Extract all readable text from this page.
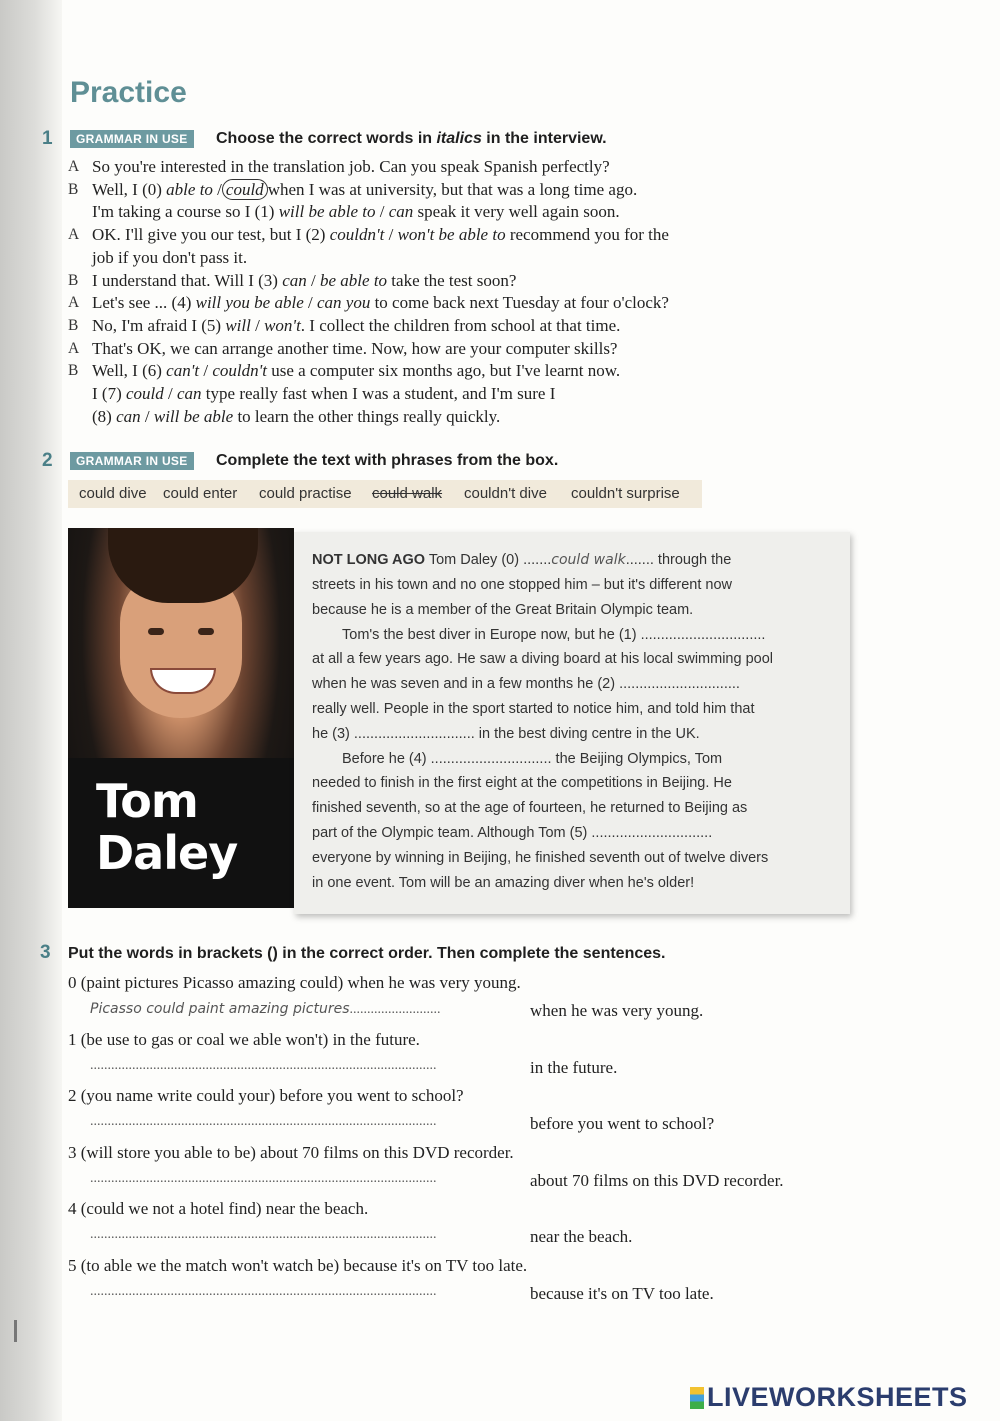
Practice
1	GRAMMAR IN USE	Choose the correct words in italics in the interview.
A So you're interested in the translation job. Can you speak Spanish perfectly?
B Well, I (0) able to / could when I was at university, but that was a long time ago.
I'm taking a course so I (1) will be able to / can speak it very well again soon.
A OK. I'll give you our test, but I (2) couldn't / won't be able to recommend you for the
job if you don't pass it.
B I understand that. Will I (3) can / be able to take the test soon?
A Let's see ... (4) will you be able / can you to come back next Tuesday at four o'clock?
B No, I'm afraid I (5) will / won't. I collect the children from school at that time.
A That's OK, we can arrange another time. Now, how are your computer skills?
B Well, I (6) can't / couldn't use a computer six months ago, but I've learnt now.
I (7) could / can type really fast when I was a student, and I'm sure I
(8) can / will be able to learn the other things really quickly.
2	GRAMMAR IN USE	Complete the text with phrases from the box.
could dive could enter could practise could walk couldn't dive couldn't surprise
Tom
Daley
NOT LONG AGO Tom Daley (0) .......could walk....... through the
streets in his town and no one stopped him – but it's different now
because he is a member of the Great Britain Olympic team.
Tom's the best diver in Europe now, but he (1) ...............................
at all a few years ago. He saw a diving board at his local swimming pool
when he was seven and in a few months he (2) ..............................
really well. People in the sport started to notice him, and told him that
he (3) .............................. in the best diving centre in the UK.
Before he (4) .............................. the Beijing Olympics, Tom
needed to finish in the first eight at the competitions in Beijing. He
finished seventh, so at the age of fourteen, he returned to Beijing as
part of the Olympic team. Although Tom (5) ..............................
everyone by winning in Beijing, he finished seventh out of twelve divers
in one event. Tom will be an amazing diver when he's older!
3 Put the words in brackets () in the correct order. Then complete the sentences.
0 (paint pictures Picasso amazing could) when he was very young.
Picasso could paint amazing pictures..........................	when he was very young.
1 (be use to gas or coal we able won't) in the future.
...................................................................................................	in the future.
2 (you name write could your) before you went to school?
...................................................................................................	before you went to school?
3 (will store you able to be) about 70 films on this DVD recorder.
...................................................................................................	about 70 films on this DVD recorder.
4 (could we not a hotel find) near the beach.
...................................................................................................	near the beach.
5 (to able we the match won't watch be) because it's on TV too late.
...................................................................................................	because it's on TV too late.
LIVEWORKSHEETS
